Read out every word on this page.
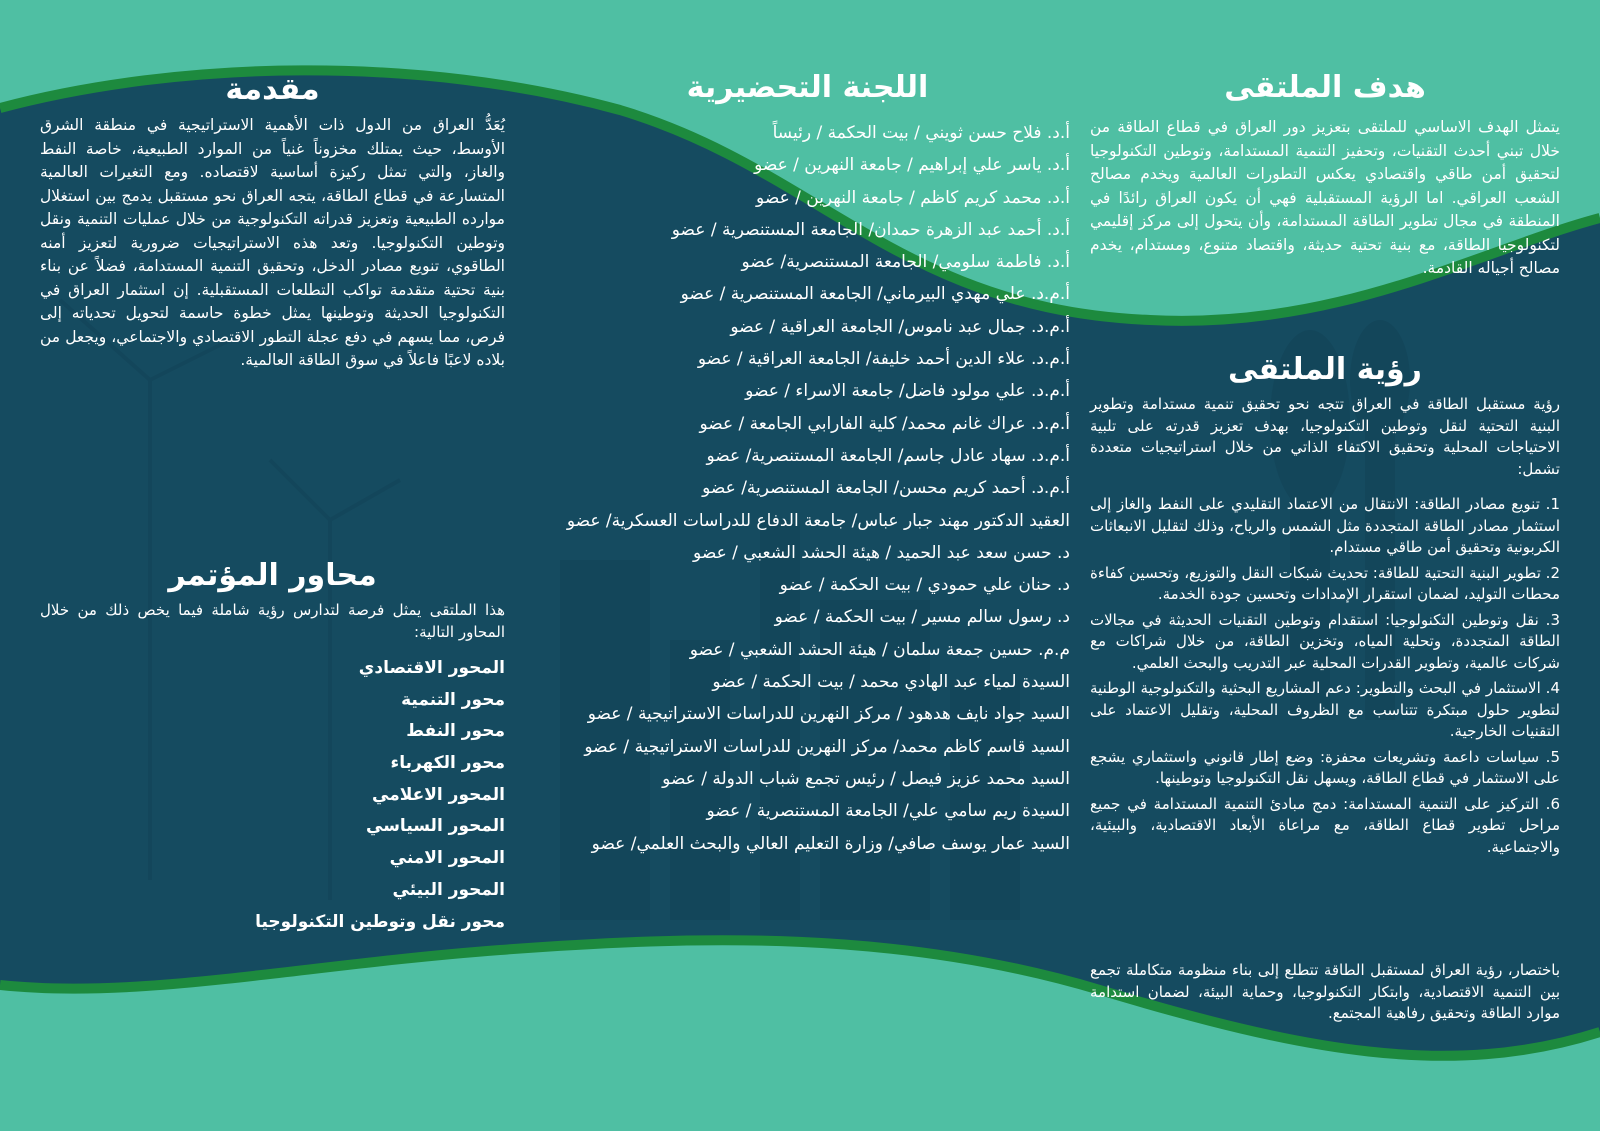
هدف الملتقى

يتمثل الهدف الاساسي للملتقى بتعزيز دور العراق في قطاع الطاقة من خلال تبني أحدث التقنيات، وتحفيز التنمية المستدامة، وتوطين التكنولوجيا لتحقيق أمن طاقي واقتصادي يعكس التطورات العالمية ويخدم مصالح الشعب العراقي. اما الرؤية المستقبلية فهي أن يكون العراق رائدًا في المنطقة في مجال تطوير الطاقة المستدامة، وأن يتحول إلى مركز إقليمي لتكنولوجيا الطاقة، مع بنية تحتية حديثة، واقتصاد متنوع، ومستدام، يخدم مصالح أجياله القادمة.

رؤية الملتقى

رؤية مستقبل الطاقة في العراق تتجه نحو تحقيق تنمية مستدامة وتطوير البنية التحتية لنقل وتوطين التكنولوجيا، بهدف تعزيز قدرته على تلبية الاحتياجات المحلية وتحقيق الاكتفاء الذاتي من خلال استراتيجيات متعددة تشمل:

1. تنويع مصادر الطاقة: الانتقال من الاعتماد التقليدي على النفط والغاز إلى استثمار مصادر الطاقة المتجددة مثل الشمس والرياح، وذلك لتقليل الانبعاثات الكربونية وتحقيق أمن طاقي مستدام.
2. تطوير البنية التحتية للطاقة: تحديث شبكات النقل والتوزيع، وتحسين كفاءة محطات التوليد، لضمان استقرار الإمدادات وتحسين جودة الخدمة.
3. نقل وتوطين التكنولوجيا: استقدام وتوطين التقنيات الحديثة في مجالات الطاقة المتجددة، وتحلية المياه، وتخزين الطاقة، من خلال شراكات مع شركات عالمية، وتطوير القدرات المحلية عبر التدريب والبحث العلمي.
4. الاستثمار في البحث والتطوير: دعم المشاريع البحثية والتكنولوجية الوطنية لتطوير حلول مبتكرة تتناسب مع الظروف المحلية، وتقليل الاعتماد على التقنيات الخارجية.
5. سياسات داعمة وتشريعات محفزة: وضع إطار قانوني واستثماري يشجع على الاستثمار في قطاع الطاقة، ويسهل نقل التكنولوجيا وتوطينها.
6. التركيز على التنمية المستدامة: دمج مبادئ التنمية المستدامة في جميع مراحل تطوير قطاع الطاقة، مع مراعاة الأبعاد الاقتصادية، والبيئية، والاجتماعية.

باختصار، رؤية العراق لمستقبل الطاقة تتطلع إلى بناء منظومة متكاملة تجمع بين التنمية الاقتصادية، وابتكار التكنولوجيا، وحماية البيئة، لضمان استدامة موارد الطاقة وتحقيق رفاهية المجتمع.

اللجنة التحضيرية
أ.د. فلاح حسن ثويني / بيت الحكمة / رئيساً
أ.د. ياسر علي إبراهيم / جامعة النهرين / عضو
أ.د. محمد كريم كاظم / جامعة النهرين / عضو
أ.د. أحمد عبد الزهرة حمدان/ الجامعة المستنصرية / عضو
أ.د. فاطمة سلومي/ الجامعة المستنصرية/ عضو
أ.م.د. علي مهدي البيرماني/ الجامعة المستنصرية / عضو
أ.م.د. جمال عبد ناموس/ الجامعة العراقية / عضو
أ.م.د. علاء الدين أحمد خليفة/ الجامعة العراقية / عضو
أ.م.د. علي مولود فاضل/ جامعة الاسراء / عضو
أ.م.د. عراك غانم محمد/ كلية الفارابي الجامعة / عضو
أ.م.د. سهاد عادل جاسم/ الجامعة المستنصرية/ عضو
أ.م.د. أحمد كريم محسن/ الجامعة المستنصرية/ عضو
العقيد الدكتور مهند جبار عباس/ جامعة الدفاع للدراسات العسكرية/ عضو
د. حسن سعد عبد الحميد / هيئة الحشد الشعبي / عضو
د. حنان علي حمودي / بيت الحكمة / عضو
د. رسول سالم مسير / بيت الحكمة / عضو
م.م. حسين جمعة سلمان / هيئة الحشد الشعبي / عضو
السيدة لمياء عبد الهادي محمد / بيت الحكمة / عضو
السيد جواد نايف هدهود / مركز النهرين للدراسات الاستراتيجية / عضو
السيد قاسم كاظم محمد/ مركز النهرين للدراسات الاستراتيجية / عضو
السيد محمد عزيز فيصل / رئيس تجمع شباب الدولة / عضو
السيدة ريم سامي علي/ الجامعة المستنصرية / عضو
السيد عمار يوسف صافي/ وزارة التعليم العالي والبحث العلمي/ عضو
مقدمة

يُعَدُّ العراق من الدول ذات الأهمية الاستراتيجية في منطقة الشرق الأوسط، حيث يمتلك مخزوناً غنياً من الموارد الطبيعية، خاصة النفط والغاز، والتي تمثل ركيزة أساسية لاقتصاده. ومع التغيرات العالمية المتسارعة في قطاع الطاقة، يتجه العراق نحو مستقبل يدمج بين استغلال موارده الطبيعية وتعزيز قدراته التكنولوجية من خلال عمليات التنمية ونقل وتوطين التكنولوجيا. وتعد هذه الاستراتيجيات ضرورية لتعزيز أمنه الطاقوي، تنويع مصادر الدخل، وتحقيق التنمية المستدامة، فضلاً عن بناء بنية تحتية متقدمة تواكب التطلعات المستقبلية. إن استثمار العراق في التكنولوجيا الحديثة وتوطينها يمثل خطوة حاسمة لتحويل تحدياته إلى فرص، مما يسهم في دفع عجلة التطور الاقتصادي والاجتماعي، ويجعل من بلاده لاعبًا فاعلاً في سوق الطاقة العالمية.

محاور المؤتمر

هذا الملتقى يمثل فرصة لتدارس رؤية شاملة فيما يخص ذلك من خلال المحاور التالية:

المحور الاقتصادي
محور التنمية
محور النفط
محور الكهرباء
المحور الاعلامي
المحور السياسي
المحور الامني
المحور البيئي
محور نقل وتوطين التكنولوجيا
